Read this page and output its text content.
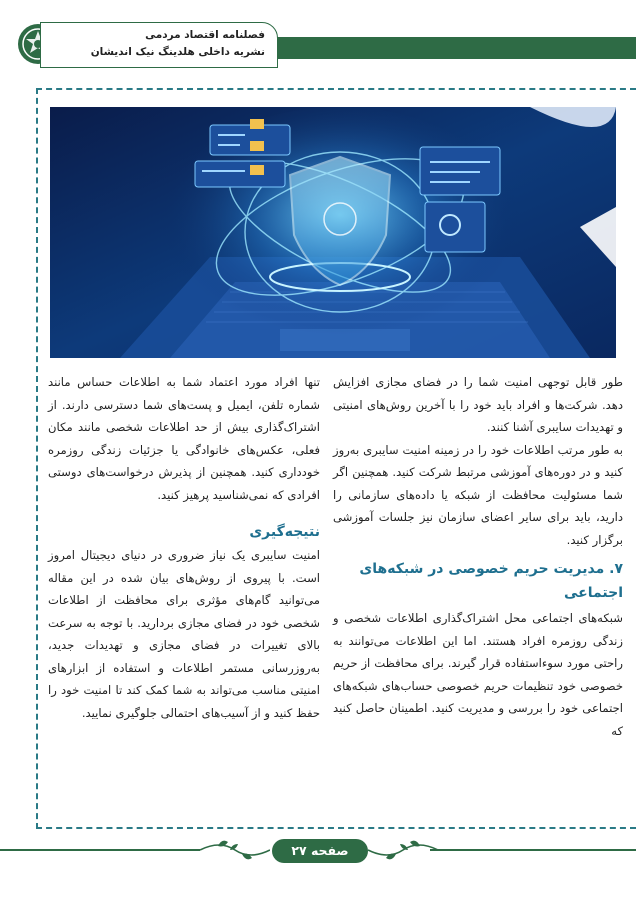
فصلنامه اقتصاد مردمی
نشریه داخلی هلدینگ نیک اندیشان

طور قابل توجهی امنیت شما را در فضای مجازی افزایش دهد. شرکت‌ها و افراد باید خود را با آخرین روش‌های امنیتی و تهدیدات سایبری آشنا کنند.

به طور مرتب اطلاعات خود را در زمینه امنیت سایبری به‌روز کنید و در دوره‌های آموزشی مرتبط شرکت کنید. همچنین اگر شما مسئولیت محافظت از شبکه یا داده‌های سازمانی را دارید، باید برای سایر اعضای سازمان نیز جلسات آموزشی برگزار کنید.

۷. مدیریت حریم خصوصی در شبکه‌های اجتماعی

شبکه‌های اجتماعی محل اشتراک‌گذاری اطلاعات شخصی و زندگی روزمره افراد هستند. اما این اطلاعات می‌توانند به راحتی مورد سوءاستفاده قرار گیرند. برای محافظت از حریم خصوصی خود تنظیمات حریم خصوصی حساب‌های شبکه‌های اجتماعی خود را بررسی و مدیریت کنید. اطمینان حاصل کنید که

تنها افراد مورد اعتماد شما به اطلاعات حساس مانند شماره تلفن، ایمیل و پست‌های شما دسترسی دارند. از اشتراک‌گذاری بیش از حد اطلاعات شخصی مانند مکان فعلی، عکس‌های خانوادگی یا جزئیات زندگی روزمره خودداری کنید. همچنین از پذیرش درخواست‌های دوستی افرادی که نمی‌شناسید پرهیز کنید.

نتیجه‌گیری

امنیت سایبری یک نیاز ضروری در دنیای دیجیتال امروز است. با پیروی از روش‌های بیان شده در این مقاله می‌توانید گام‌های مؤثری برای محافظت از اطلاعات شخصی خود در فضای مجازی بردارید. با توجه به سرعت بالای تغییرات در فضای مجازی و تهدیدات جدید، به‌روزرسانی مستمر اطلاعات و استفاده از ابزارهای امنیتی مناسب می‌تواند به شما کمک کند تا امنیت خود را حفظ کنید و از آسیب‌های احتمالی جلوگیری نمایید.

صفحه ۲۷
